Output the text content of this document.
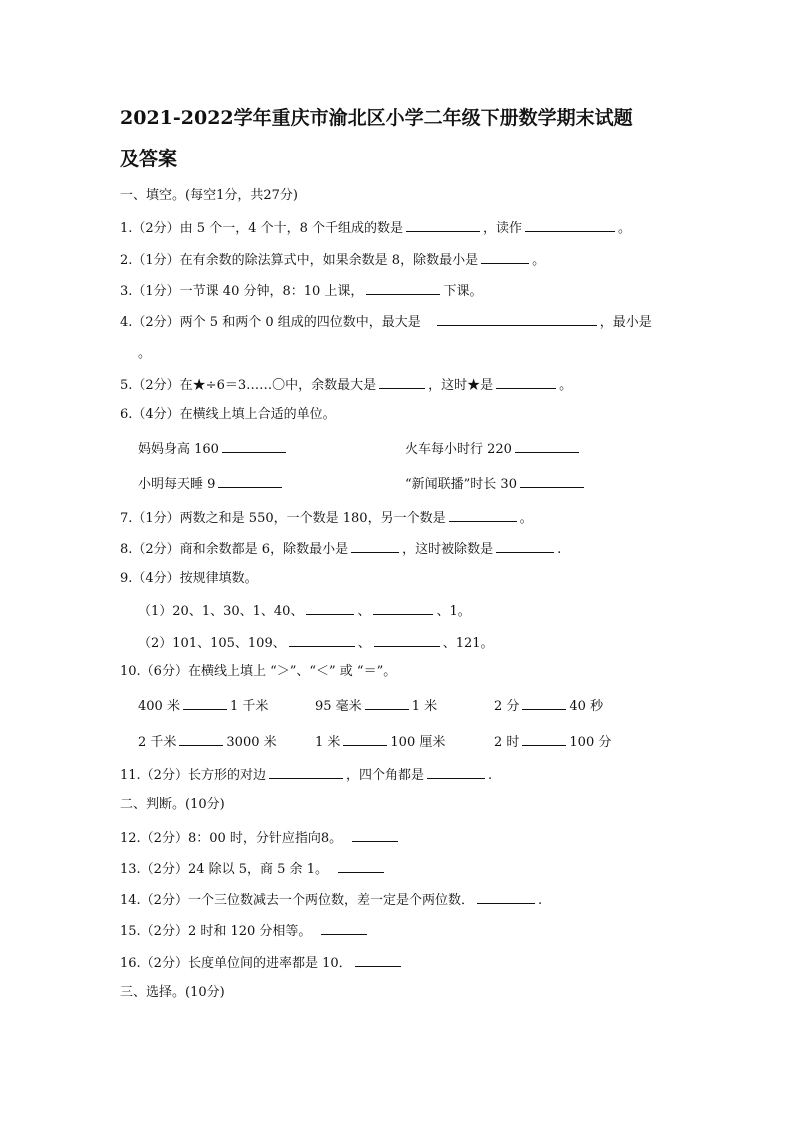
2021-2022学年重庆市渝北区小学二年级下册数学期末试题
及答案
一、填空。(每空1分，共27分)
1.（2分）由 5 个一，4 个十，8 个千组成的数是	，读作	。
2.（1分）在有余数的除法算式中，如果余数是 8，除数最小是	。
3.（1分）一节课 40 分钟，8：10 上课，	下课。
4.（2分）两个 5 和两个 0 组成的四位数中，最大是	，最小是
。
5.（2分）在★÷6＝3……〇中，余数最大是	，这时★是	。
6.（4分）在横线上填上合适的单位。
妈妈身高 160	火车每小时行 220
小明每天睡 9	“新闻联播”时长 30
7.（1分）两数之和是 550，一个数是 180，另一个数是	。
8.（2分）商和余数都是 6，除数最小是	，这时被除数是	.
9.（4分）按规律填数。
（1）20、1、30、1、40、	、	、1。
（2）101、105、109、	、	、121。
10.（6分）在横线上填上 “＞”、“＜” 或 “＝”。
400 米	1 千米	95 毫米	1 米	2 分	40 秒
2 千米	3000 米	1 米	100 厘米	2 时	100 分
11.（2分）长方形的对边	，四个角都是	.
二、判断。(10分)
12.（2分）8：00 时，分针应指向8。
13.（2分）24 除以 5，商 5 余 1。
14.（2分）一个三位数减去一个两位数，差一定是个两位数．	.
15.（2分）2 时和 120 分相等。
16.（2分）长度单位间的进率都是 10．
三、选择。(10分)
